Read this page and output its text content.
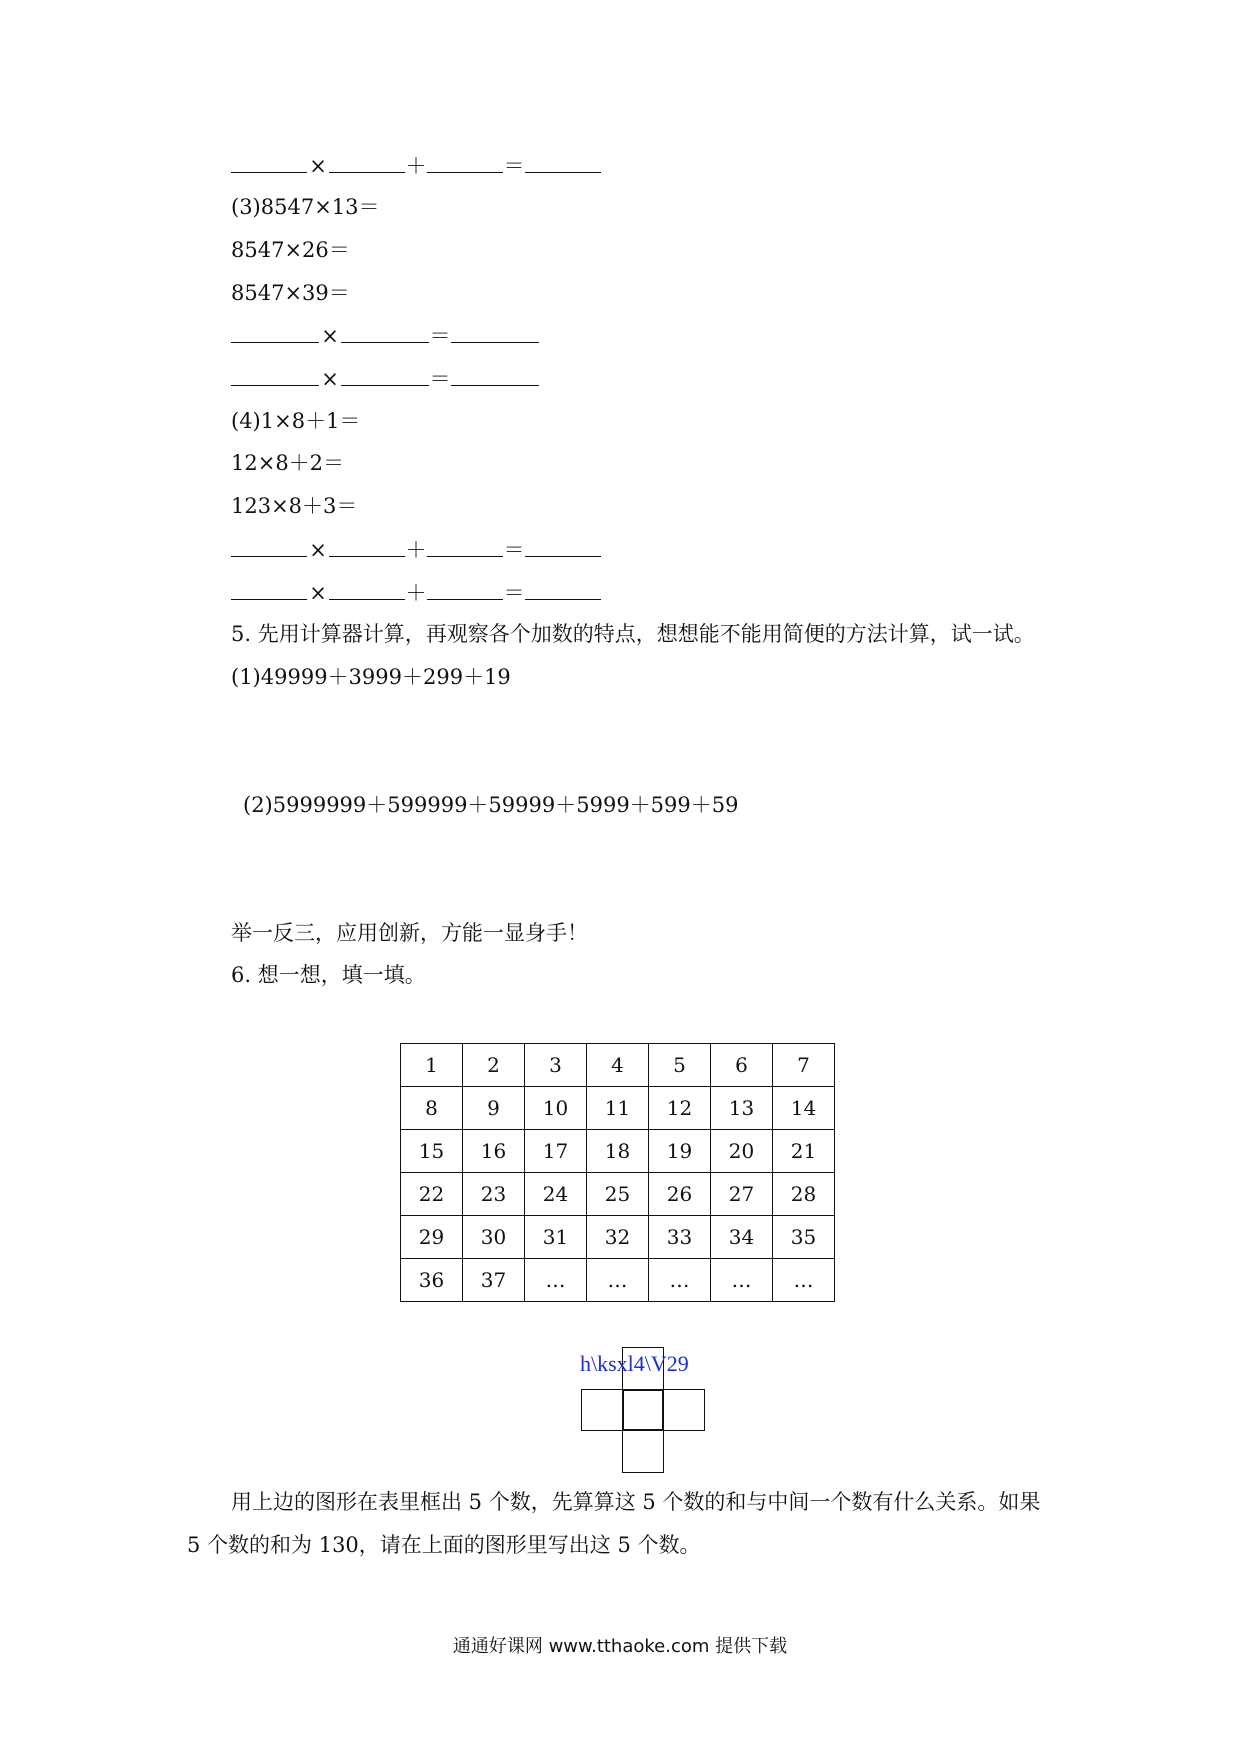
×	＋	＝
(3)8547×13＝
8547×26＝
8547×39＝
×	＝
×	＝
(4)1×8＋1＝
12×8＋2＝
123×8＋3＝
×	＋	＝
×	＋	＝
5. 先用计算器计算，再观察各个加数的特点，想想能不能用简便的方法计算，试一试。
(1)49999＋3999＋299＋19
(2)5999999＋599999＋59999＋5999＋599＋59
举一反三，应用创新，方能一显身手！
6. 想一想，填一填。
1	2	3	4	5	6	7
8	9	10	11	12	13	14
15	16	17	18	19	20	21
22	23	24	25	26	27	28
29	30	31	32	33	34	35
36	37	…	…	…	…	…
h\ksxl4\V29
用上边的图形在表里框出 5 个数，先算算这 5 个数的和与中间一个数有什么关系。如果
5 个数的和为 130，请在上面的图形里写出这 5 个数。
通通好课网 www.tthaoke.com 提供下载
